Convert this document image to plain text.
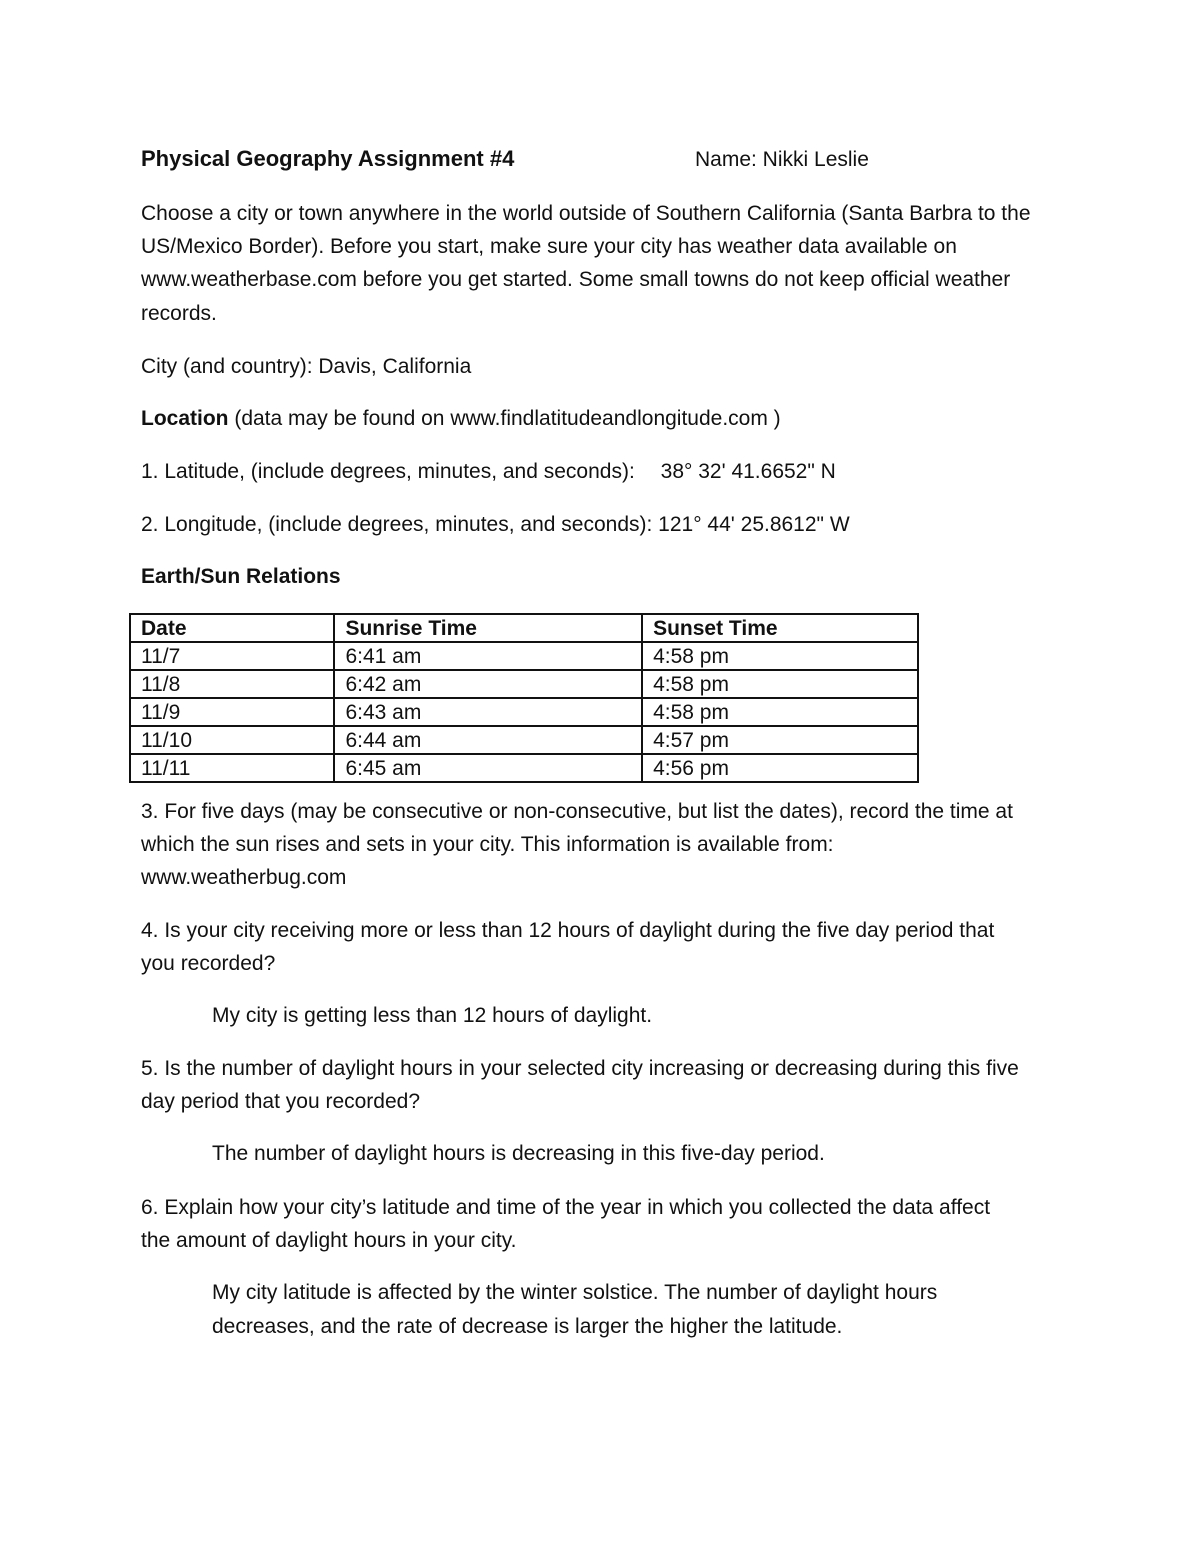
Physical Geography Assignment #4	Name: Nikki Leslie
Choose a city or town anywhere in the world outside of Southern California (Santa Barbra to the
US/Mexico Border). Before you start, make sure your city has weather data available on
www.weatherbase.com before you get started. Some small towns do not keep official weather
records.
City (and country): Davis, California
Location (data may be found on www.findlatitudeandlongitude.com )
1. Latitude, (include degrees, minutes, and seconds): 38° 32' 41.6652" N
2. Longitude, (include degrees, minutes, and seconds): 121° 44' 25.8612" W
Earth/Sun Relations
Date	Sunrise Time	Sunset Time
11/7	6:41 am	4:58 pm
11/8	6:42 am	4:58 pm
11/9	6:43 am	4:58 pm
11/10	6:44 am	4:57 pm
11/11	6:45 am	4:56 pm
3. For five days (may be consecutive or non-consecutive, but list the dates), record the time at
which the sun rises and sets in your city. This information is available from:
www.weatherbug.com
4. Is your city receiving more or less than 12 hours of daylight during the five day period that
you recorded?
My city is getting less than 12 hours of daylight.
5. Is the number of daylight hours in your selected city increasing or decreasing during this five
day period that you recorded?
The number of daylight hours is decreasing in this five-day period.
6. Explain how your city’s latitude and time of the year in which you collected the data affect
the amount of daylight hours in your city.
My city latitude is affected by the winter solstice. The number of daylight hours
decreases, and the rate of decrease is larger the higher the latitude.
